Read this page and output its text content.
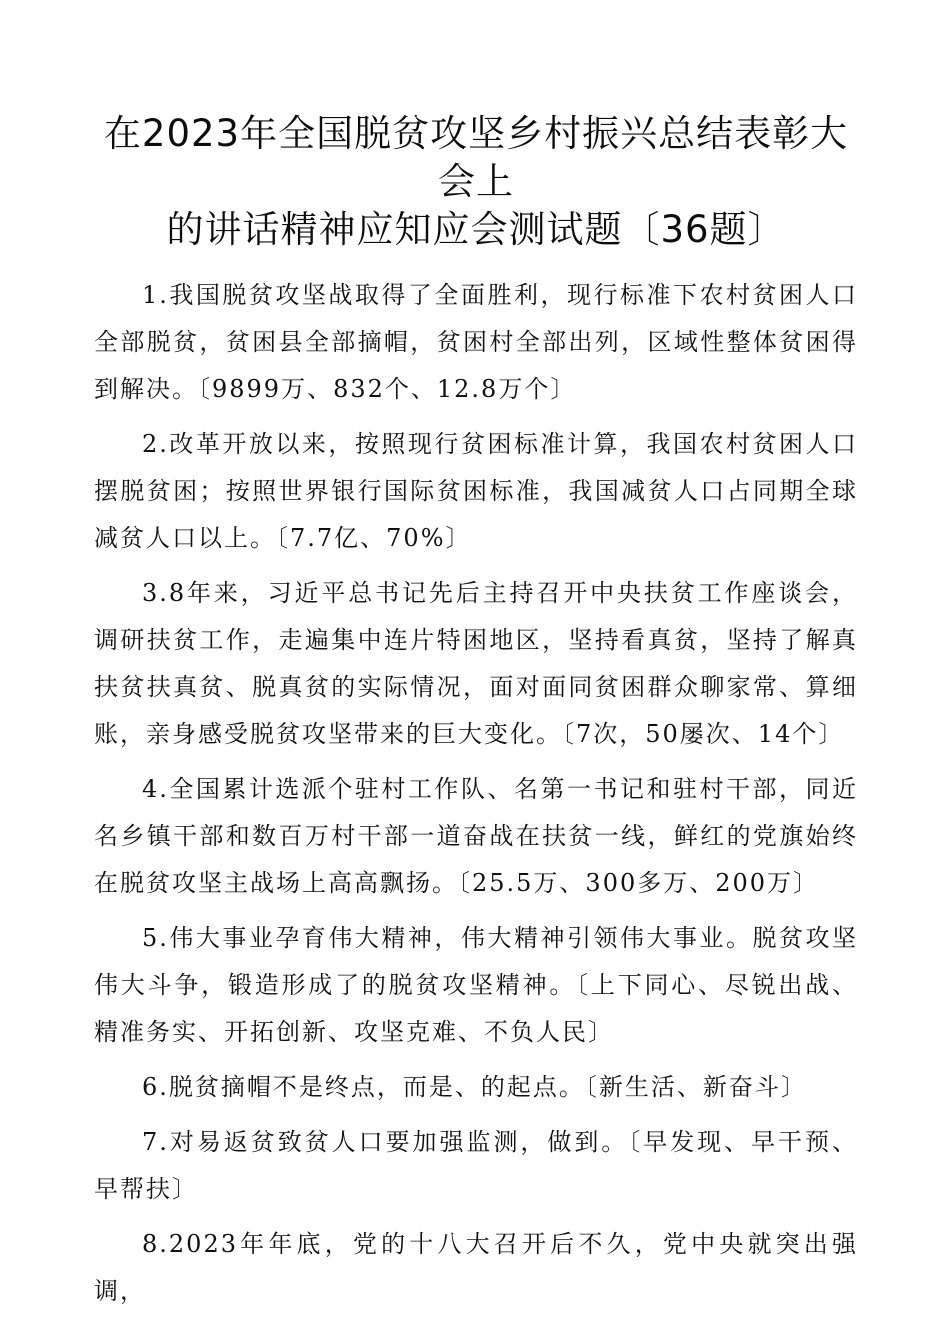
在2023年全国脱贫攻坚乡村振兴总结表彰大会上
的讲话精神应知应会测试题〔36题〕

1.我国脱贫攻坚战取得了全面胜利，现行标准下农村贫困人口全部脱贫，贫困县全部摘帽，贫困村全部出列，区域性整体贫困得到解决。〔9899万、832个、12.8万个〕

2.改革开放以来，按照现行贫困标准计算，我国农村贫困人口摆脱贫困；按照世界银行国际贫困标准，我国减贫人口占同期全球减贫人口以上。〔7.7亿、70%〕

3.8年来，习近平总书记先后主持召开中央扶贫工作座谈会，调研扶贫工作，走遍集中连片特困地区，坚持看真贫，坚持了解真扶贫扶真贫、脱真贫的实际情况，面对面同贫困群众聊家常、算细账，亲身感受脱贫攻坚带来的巨大变化。〔7次，50屡次、14个〕

4.全国累计选派个驻村工作队、名第一书记和驻村干部，同近名乡镇干部和数百万村干部一道奋战在扶贫一线，鲜红的党旗始终在脱贫攻坚主战场上高高飘扬。〔25.5万、300多万、200万〕

5.伟大事业孕育伟大精神，伟大精神引领伟大事业。脱贫攻坚伟大斗争，锻造形成了的脱贫攻坚精神。〔上下同心、尽锐出战、精准务实、开拓创新、攻坚克难、不负人民〕

6.脱贫摘帽不是终点，而是、的起点。〔新生活、新奋斗〕

7.对易返贫致贫人口要加强监测，做到。〔早发现、早干预、早帮扶〕

8.2023年年底，党的十八大召开后不久，党中央就突出强调，
